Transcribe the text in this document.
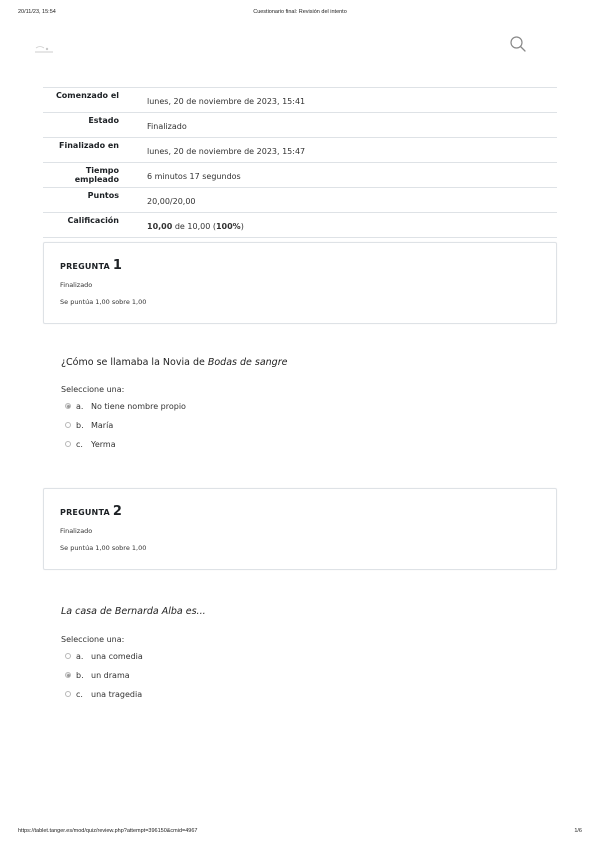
20/11/23, 15:54	Cuestionario final: Revisión del intento
Comenzado el	lunes, 20 de noviembre de 2023, 15:41
Estado	Finalizado
Finalizado en	lunes, 20 de noviembre de 2023, 15:47
Tiempo empleado	6 minutos 17 segundos
Puntos	20,00/20,00
Calificación	10,00 de 10,00 (100%)
PREGUNTA 1
Finalizado
Se puntúa 1,00 sobre 1,00
¿Cómo se llamaba la Novia de Bodas de sangre
Seleccione una:
a. No tiene nombre propio
b. María
c.	Yerma
PREGUNTA 2
Finalizado
Se puntúa 1,00 sobre 1,00
La casa de Bernarda Alba es...
Seleccione una:
a. una comedia
b. un drama
c.	una tragedia
https://tablet.tanger.es/mod/quiz/review.php?attempt=396150&cmid=4967	1/6
